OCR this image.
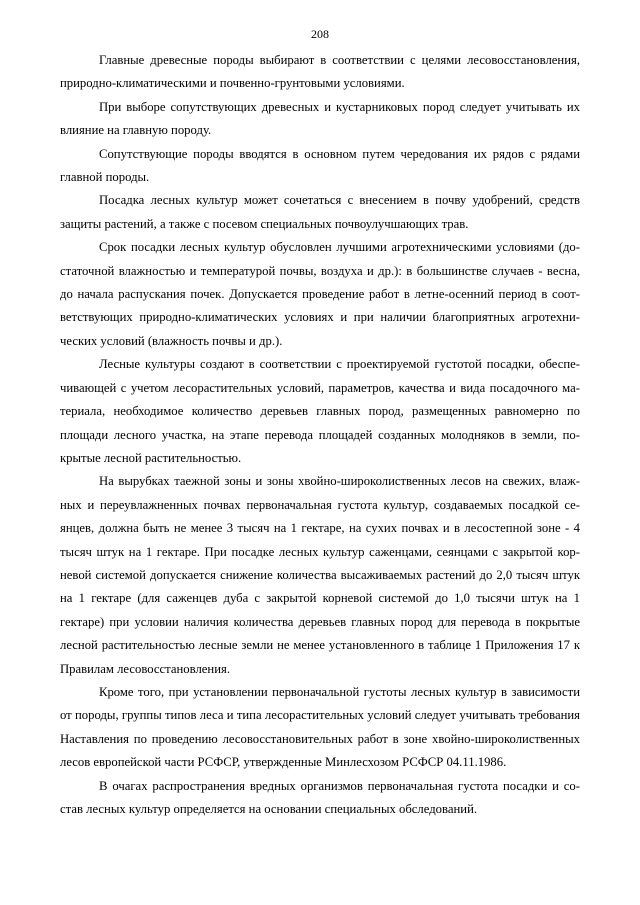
208

Главные древесные породы выбирают в соответствии с целями лесовосстановления, природно-климатическими и почвенно-грунтовыми условиями.

При выборе сопутствующих древесных и кустарниковых пород следует учитывать их влияние на главную породу.

Сопутствующие породы вводятся в основном путем чередования их рядов с рядами главной породы.

Посадка лесных культур может сочетаться с внесением в почву удобрений, средств защиты растений, а также с посевом специальных почвоулучшающих трав.

Срок посадки лесных культур обусловлен лучшими агротехническими условиями (достаточной влажностью и температурой почвы, воздуха и др.): в большинстве случаев - весна, до начала распускания почек. Допускается проведение работ в летне-осенний период в соответствующих природно-климатических условиях и при наличии благоприятных агротехнических условий (влажность почвы и др.).

Лесные культуры создают в соответствии с проектируемой густотой посадки, обеспечивающей с учетом лесорастительных условий, параметров, качества и вида посадочного материала, необходимое количество деревьев главных пород, размещенных равномерно по площади лесного участка, на этапе перевода площадей созданных молодняков в земли, покрытые лесной растительностью.

На вырубках таежной зоны и зоны хвойно-широколиственных лесов на свежих, влажных и переувлажненных почвах первоначальная густота культур, создаваемых посадкой сеянцев, должна быть не менее 3 тысяч на 1 гектаре, на сухих почвах и в лесостепной зоне - 4 тысяч штук на 1 гектаре. При посадке лесных культур саженцами, сеянцами с закрытой корневой системой допускается снижение количества высаживаемых растений до 2,0 тысяч штук на 1 гектаре (для саженцев дуба с закрытой корневой системой до 1,0 тысячи штук на 1 гектаре) при условии наличия количества деревьев главных пород для перевода в покрытые лесной растительностью лесные земли не менее установленного в таблице 1 Приложения 17 к Правилам лесовосстановления.

Кроме того, при установлении первоначальной густоты лесных культур в зависимости от породы, группы типов леса и типа лесорастительных условий следует учитывать требования Наставления по проведению лесовосстановительных работ в зоне хвойно-широколиственных лесов европейской части РСФСР, утвержденные Минлесхозом РСФСР 04.11.1986.

В очагах распространения вредных организмов первоначальная густота посадки и состав лесных культур определяется на основании специальных обследований.
